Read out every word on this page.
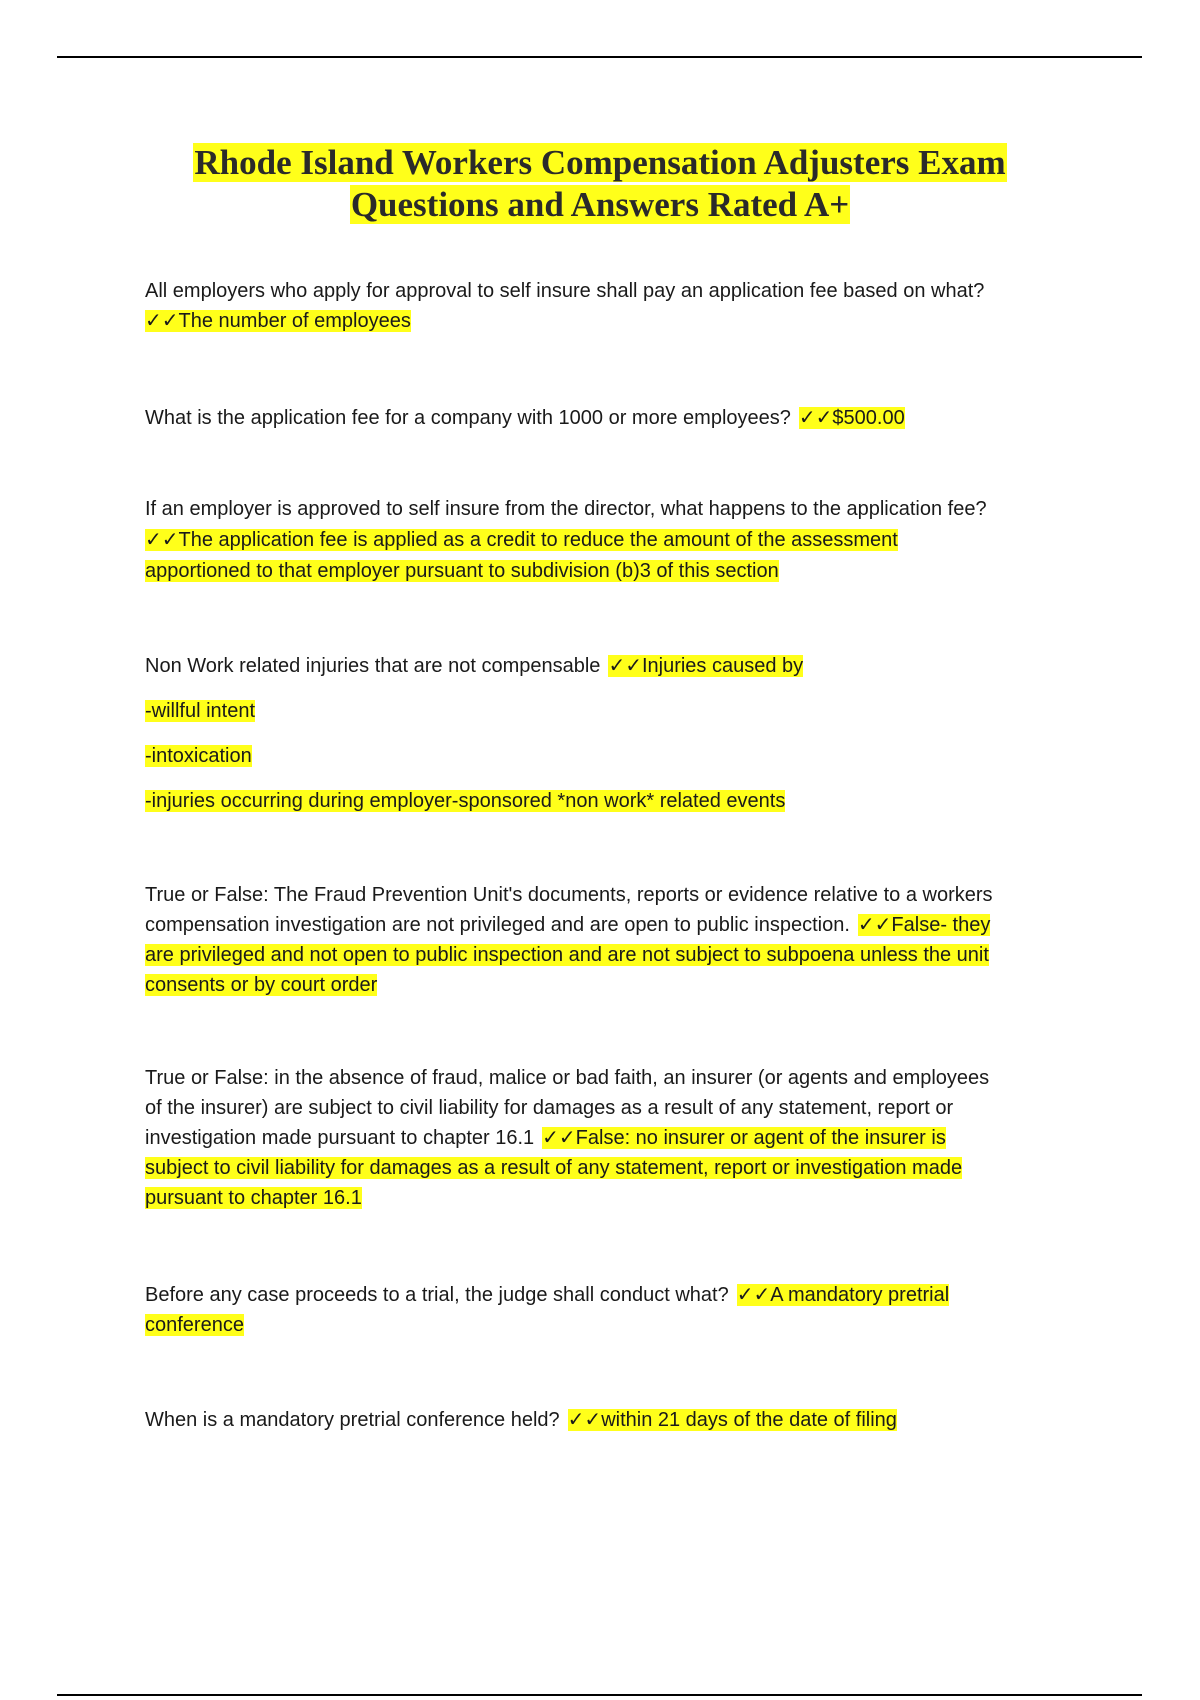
Rhode Island Workers Compensation Adjusters Exam
Questions and Answers Rated A+
All employers who apply for approval to self insure shall pay an application fee based on what?
✓✓The number of employees
What is the application fee for a company with 1000 or more employees? ✓✓$500.00
If an employer is approved to self insure from the director, what happens to the application fee?
✓✓The application fee is applied as a credit to reduce the amount of the assessment
apportioned to that employer pursuant to subdivision (b)3 of this section
Non Work related injuries that are not compensable ✓✓Injuries caused by
-willful intent
-intoxication
-injuries occurring during employer-sponsored *non work* related events
True or False: The Fraud Prevention Unit's documents, reports or evidence relative to a workers
compensation investigation are not privileged and are open to public inspection. ✓✓False- they
are privileged and not open to public inspection and are not subject to subpoena unless the unit
consents or by court order
True or False: in the absence of fraud, malice or bad faith, an insurer (or agents and employees
of the insurer) are subject to civil liability for damages as a result of any statement, report or
investigation made pursuant to chapter 16.1 ✓✓False: no insurer or agent of the insurer is
subject to civil liability for damages as a result of any statement, report or investigation made
pursuant to chapter 16.1
Before any case proceeds to a trial, the judge shall conduct what? ✓✓A mandatory pretrial
conference
When is a mandatory pretrial conference held? ✓✓within 21 days of the date of filing
